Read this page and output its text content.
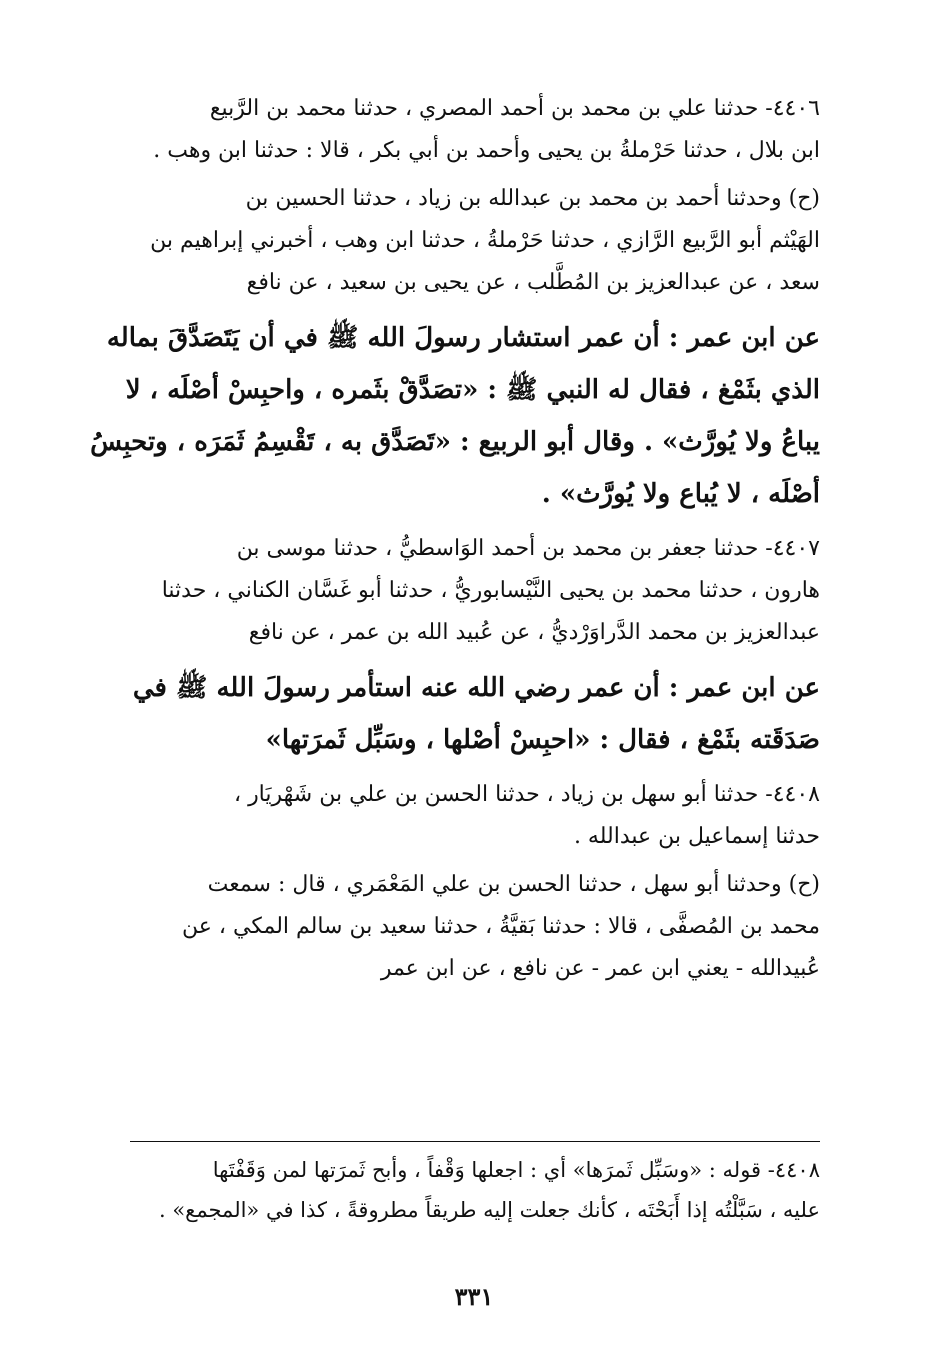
٤٤٠٦- حدثنا علي بن محمد بن أحمد المصري ، حدثنا محمد بن الرَّبيع
ابن بلال ، حدثنا حَرْملةُ بن يحيى وأحمد بن أبي بكر ، قالا : حدثنا ابن وهب .
(ح) وحدثنا أحمد بن محمد بن عبدالله بن زياد ، حدثنا الحسين بن
الهَيْثم أبو الرَّبيع الرَّازي ، حدثنا حَرْملةُ ، حدثنا ابن وهب ، أخبرني إبراهيم بن
سعد ، عن عبدالعزيز بن المُطَّلب ، عن يحيى بن سعيد ، عن نافع
عن ابن عمر : أن عمر استشار رسولَ الله ﷺ في أن يَتَصَدَّقَ بماله
الذي بثَمْغ ، فقال له النبي ﷺ : «تصَدَّقْ بثَمره ، واحبِسْ أصْلَه ، لا
يباعُ ولا يُورَّث» . وقال أبو الربيع : «تَصَدَّق به ، تَقْسِمُ ثَمَرَه ، وتحبِسُ
أصْلَه ، لا يُباع ولا يُورَّث» .
٤٤٠٧- حدثنا جعفر بن محمد بن أحمد الوَاسطيُّ ، حدثنا موسى بن
هارون ، حدثنا محمد بن يحيى النَّيْسابوريُّ ، حدثنا أبو غَسَّان الكناني ، حدثنا
عبدالعزيز بن محمد الدَّراوَرْديُّ ، عن عُبيد الله بن عمر ، عن نافع
عن ابن عمر : أن عمر رضي الله عنه استأمر رسولَ الله ﷺ في
صَدَقَته بثَمْغ ، فقال : «احبِسْ أصْلها ، وسَبِّل ثَمرَتها»
٤٤٠٨- حدثنا أبو سهل بن زياد ، حدثنا الحسن بن علي بن شَهْريَار ،
حدثنا إسماعيل بن عبدالله .
(ح) وحدثنا أبو سهل ، حدثنا الحسن بن علي المَعْمَري ، قال : سمعت
محمد بن المُصفَّى ، قالا : حدثنا بَقيَّةُ ، حدثنا سعيد بن سالم المكي ، عن
عُبيدالله - يعني ابن عمر - عن نافع ، عن ابن عمر
٤٤٠٨- قوله : «وسَبِّل ثَمرَها» أي : اجعلها وَقْفاً ، وأبح ثَمرَتها لمن وَقَفْتَها
عليه ، سَبَّلْتُه إذا أَبَحْتَه ، كأنك جعلت إليه طريقاً مطروقةً ، كذا في «المجمع» .
٣٣١
